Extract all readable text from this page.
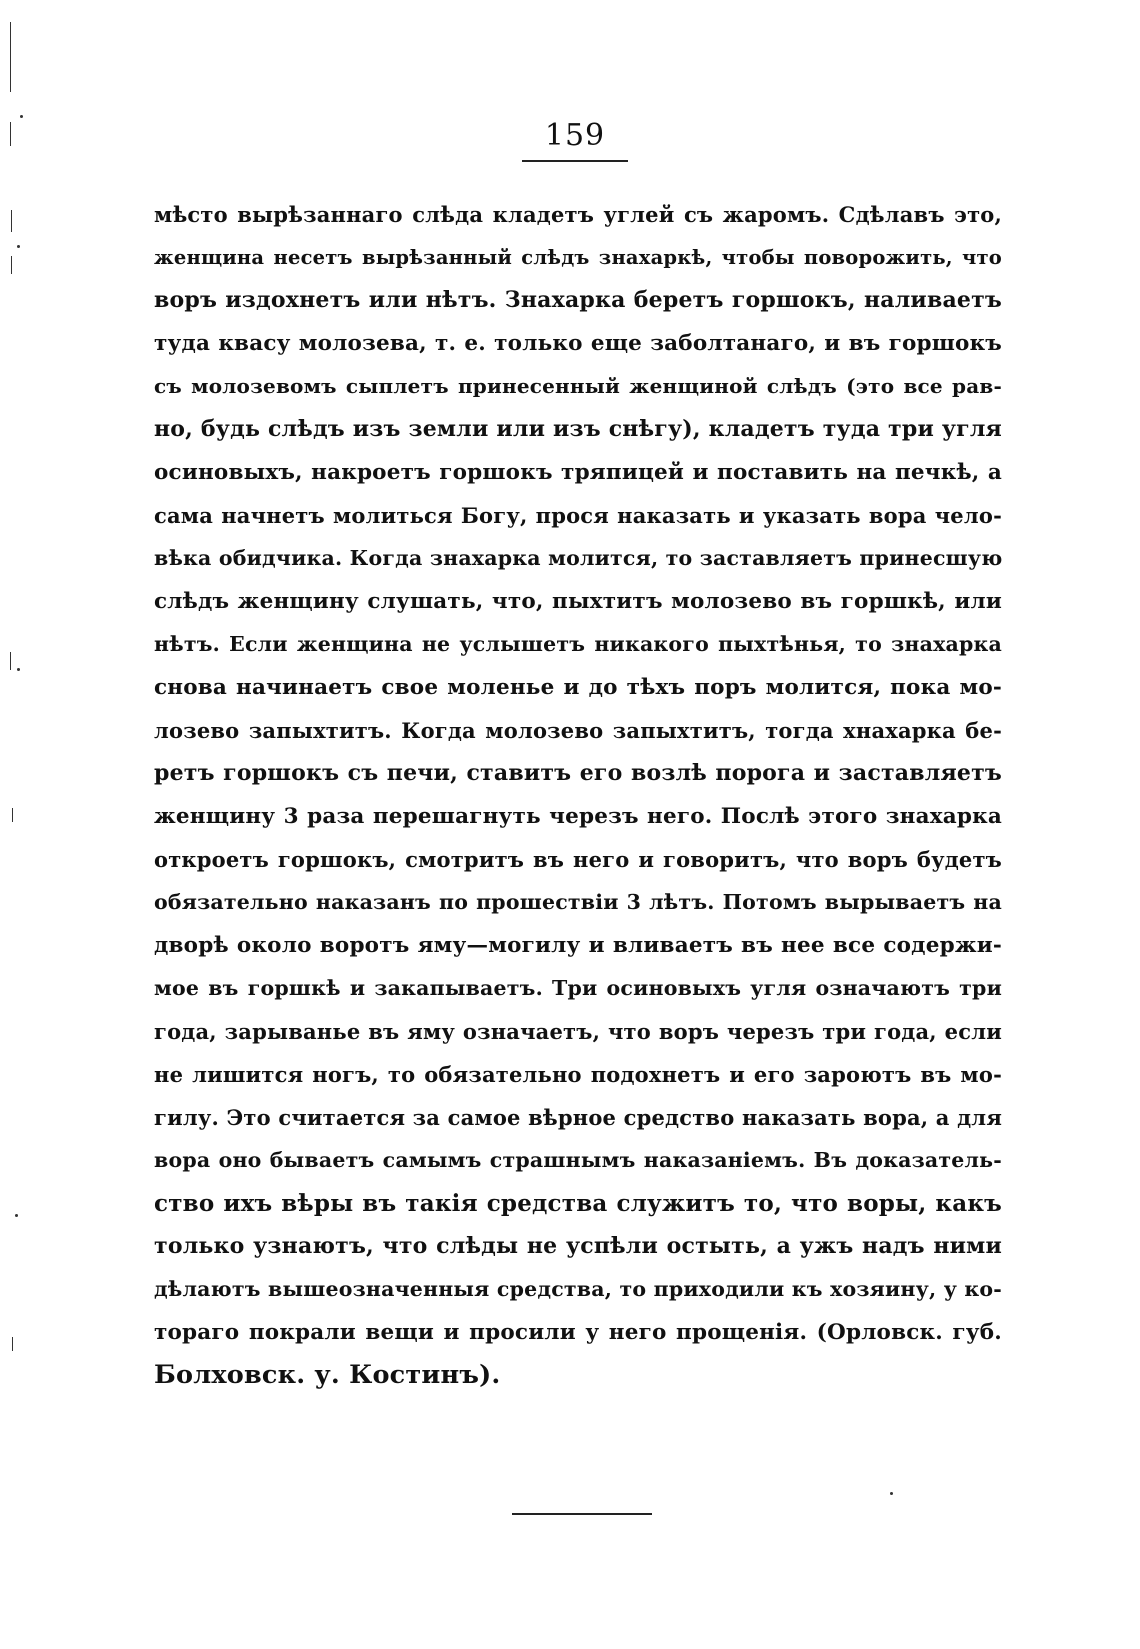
159
мѣсто вырѣзаннаго слѣда кладетъ углей съ жаромъ. Сдѣлавъ это,
женщина несетъ вырѣзанный слѣдъ знахаркѣ, чтобы поворожить, что
воръ издохнетъ или нѣтъ. Знахарка беретъ горшокъ, наливаетъ
туда квасу молозева, т. е. только еще заболтанаго, и въ горшокъ
съ молозевомъ сыплетъ принесенный женщиной слѣдъ (это все рав-
но, будь слѣдъ изъ земли или изъ снѣгу), кладетъ туда три угля
осиновыхъ, накроетъ горшокъ тряпицей и поставить на печкѣ, а
сама начнетъ молиться Богу, прося наказать и указать вора чело-
вѣка обидчика. Когда знахарка молится, то заставляетъ принесшую
слѣдъ женщину слушать, что, пыхтитъ молозево въ горшкѣ, или
нѣтъ. Если женщина не услышетъ никакого пыхтѣнья, то знахарка
снова начинаетъ свое моленье и до тѣхъ поръ молится, пока мо-
лозево запыхтитъ. Когда молозево запыхтитъ, тогда хнахарка бе-
ретъ горшокъ съ печи, ставитъ его возлѣ порога и заставляетъ
женщину 3 раза перешагнуть черезъ него. Послѣ этого знахарка
откроетъ горшокъ, смотритъ въ него и говоритъ, что воръ будетъ
обязательно наказанъ по прошествіи 3 лѣтъ. Потомъ вырываетъ на
дворѣ около воротъ яму—могилу и вливаетъ въ нее все содержи-
мое въ горшкѣ и закапываетъ. Три осиновыхъ угля означаютъ три
года, зарыванье въ яму означаетъ, что воръ черезъ три года, если
не лишится ногъ, то обязательно подохнетъ и его зароютъ въ мо-
гилу. Это считается за самое вѣрное средство наказать вора, а для
вора оно бываетъ самымъ страшнымъ наказаніемъ. Въ доказатель-
ство ихъ вѣры въ такія средства служитъ то, что воры, какъ
только узнаютъ, что слѣды не успѣли остыть, а ужъ надъ ними
дѣлаютъ вышеозначенныя средства, то приходили къ хозяину, у ко-
тораго покрали вещи и просили у него прощенія. (Орловск. губ.
Болховск. у. Костинъ).
